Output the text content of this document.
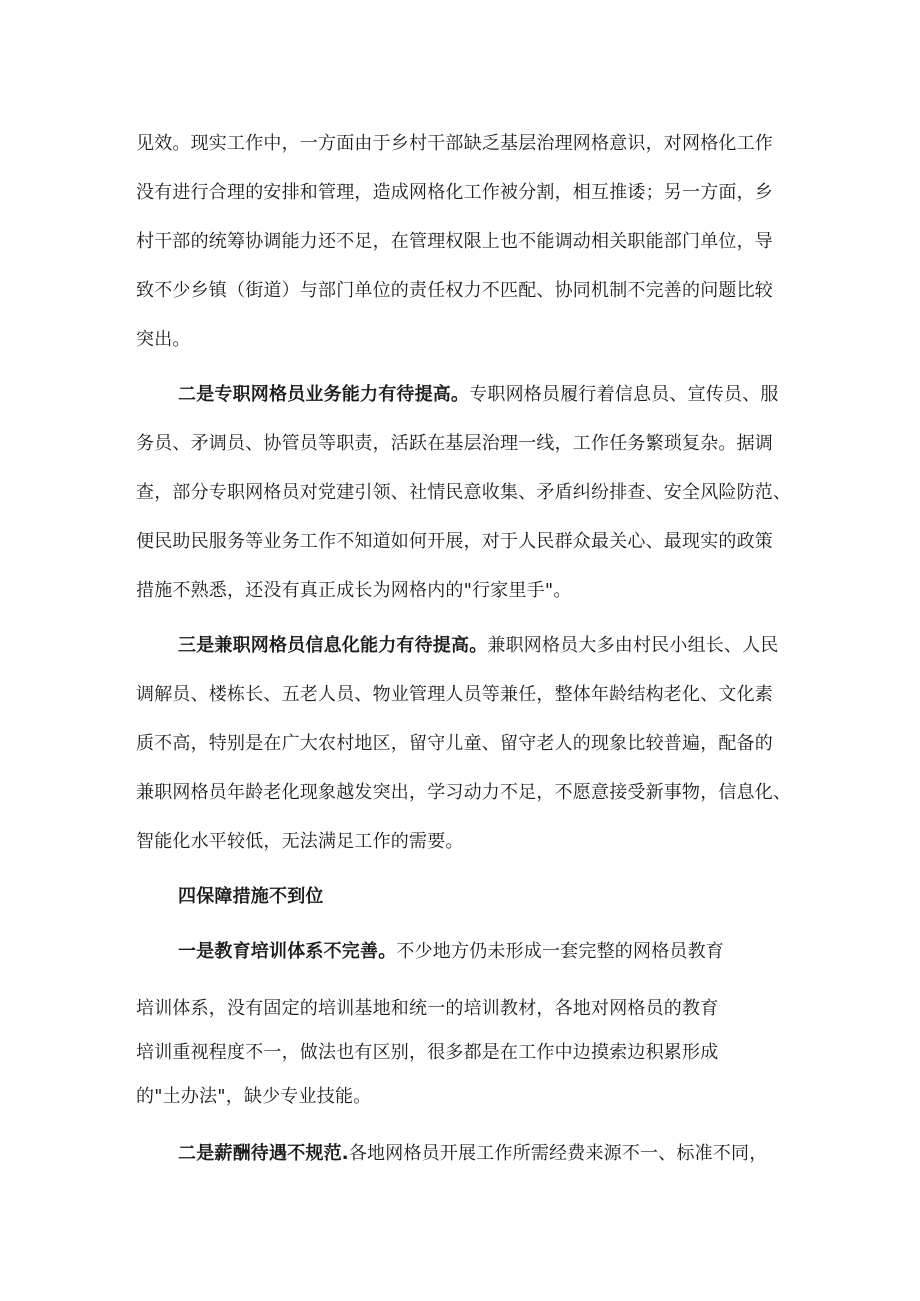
见效。现实工作中，一方面由于乡村干部缺乏基层治理网格意识，对网格化工作
没有进行合理的安排和管理，造成网格化工作被分割，相互推诿；另一方面，乡
村干部的统筹协调能力还不足，在管理权限上也不能调动相关职能部门单位，导
致不少乡镇（街道）与部门单位的责任权力不匹配、协同机制不完善的问题比较
突出。
二是专职网格员业务能力有待提高。专职网格员履行着信息员、宣传员、服
务员、矛调员、协管员等职责，活跃在基层治理一线，工作任务繁琐复杂。据调
查，部分专职网格员对党建引领、社情民意收集、矛盾纠纷排查、安全风险防范、
便民助民服务等业务工作不知道如何开展，对于人民群众最关心、最现实的政策
措施不熟悉，还没有真正成长为网格内的"行家里手"。
三是兼职网格员信息化能力有待提高。兼职网格员大多由村民小组长、人民
调解员、楼栋长、五老人员、物业管理人员等兼任，整体年龄结构老化、文化素
质不高，特别是在广大农村地区，留守儿童、留守老人的现象比较普遍，配备的
兼职网格员年龄老化现象越发突出，学习动力不足，不愿意接受新事物，信息化、
智能化水平较低，无法满足工作的需要。
四保障措施不到位
一是教育培训体系不完善。不少地方仍未形成一套完整的网格员教育
培训体系，没有固定的培训基地和统一的培训教材，各地对网格员的教育
培训重视程度不一，做法也有区别，很多都是在工作中边摸索边积累形成
的"土办法"，缺少专业技能。
二是薪酬待遇不规范.各地网格员开展工作所需经费来源不一、标准不同，
